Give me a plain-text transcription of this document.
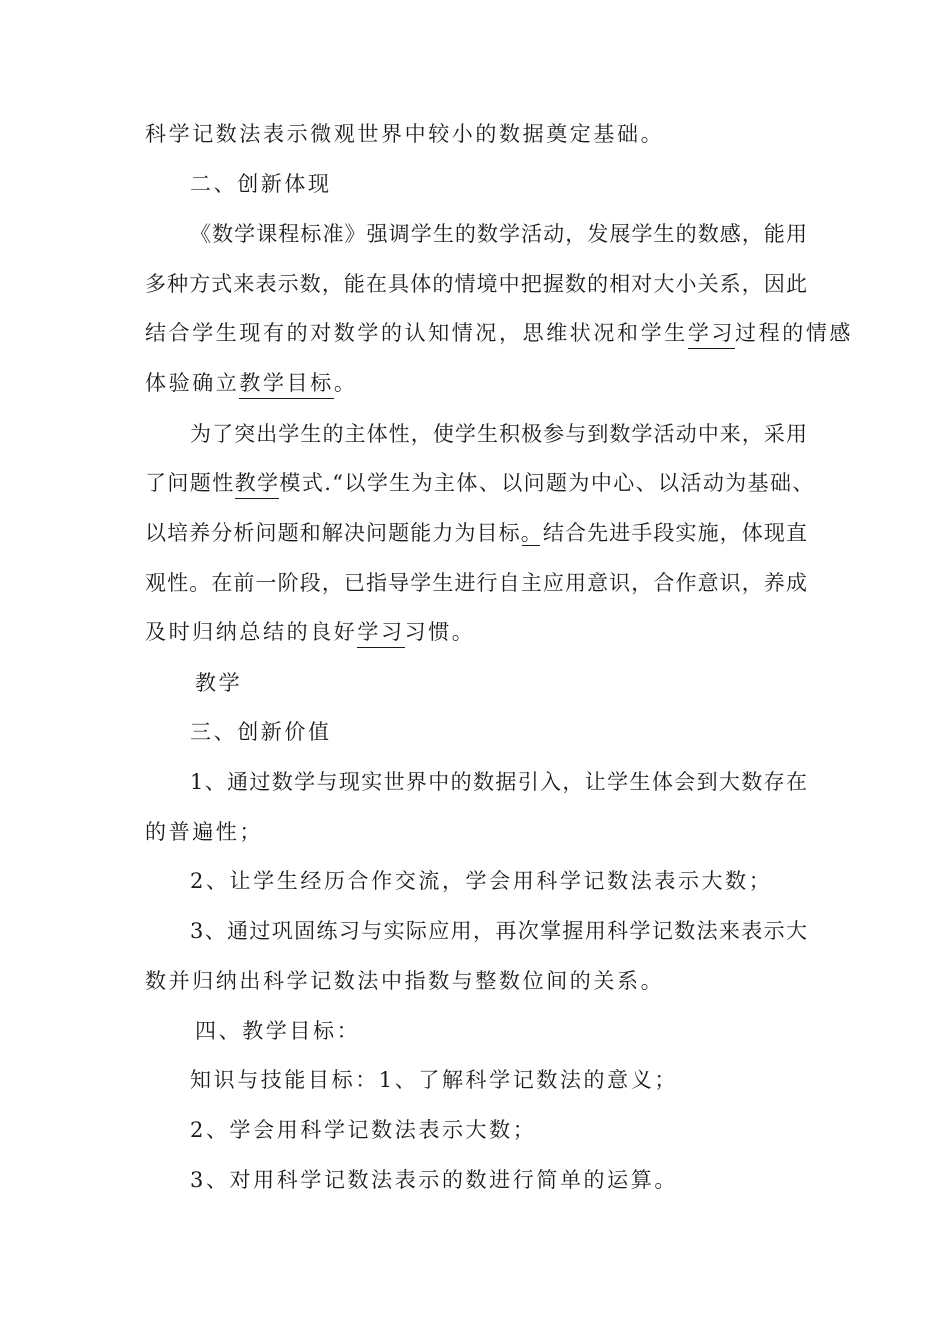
科学记数法表示微观世界中较小的数据奠定基础。
二、创新体现
《数学课程标准》强调学生的数学活动，发展学生的数感，能用
多种方式来表示数，能在具体的情境中把握数的相对大小关系，因此
结合学生现有的对数学的认知情况，思维状况和学生学习过程的情感
体验确立教学目标。
为了突出学生的主体性，使学生积极参与到数学活动中来，采用
了问题性教学模式.“以学生为主体、以问题为中心、以活动为基础、
以培养分析问题和解决问题能力为目标。结合先进手段实施，体现直
观性。在前一阶段，已指导学生进行自主应用意识，合作意识，养成
及时归纳总结的良好学习习惯。
教学
三、创新价值
1、通过数学与现实世界中的数据引入，让学生体会到大数存在
的普遍性；
2、让学生经历合作交流，学会用科学记数法表示大数；
3、通过巩固练习与实际应用，再次掌握用科学记数法来表示大
数并归纳出科学记数法中指数与整数位间的关系。
四、教学目标：
知识与技能目标：1、了解科学记数法的意义；
2、学会用科学记数法表示大数；
3、对用科学记数法表示的数进行简单的运算。
